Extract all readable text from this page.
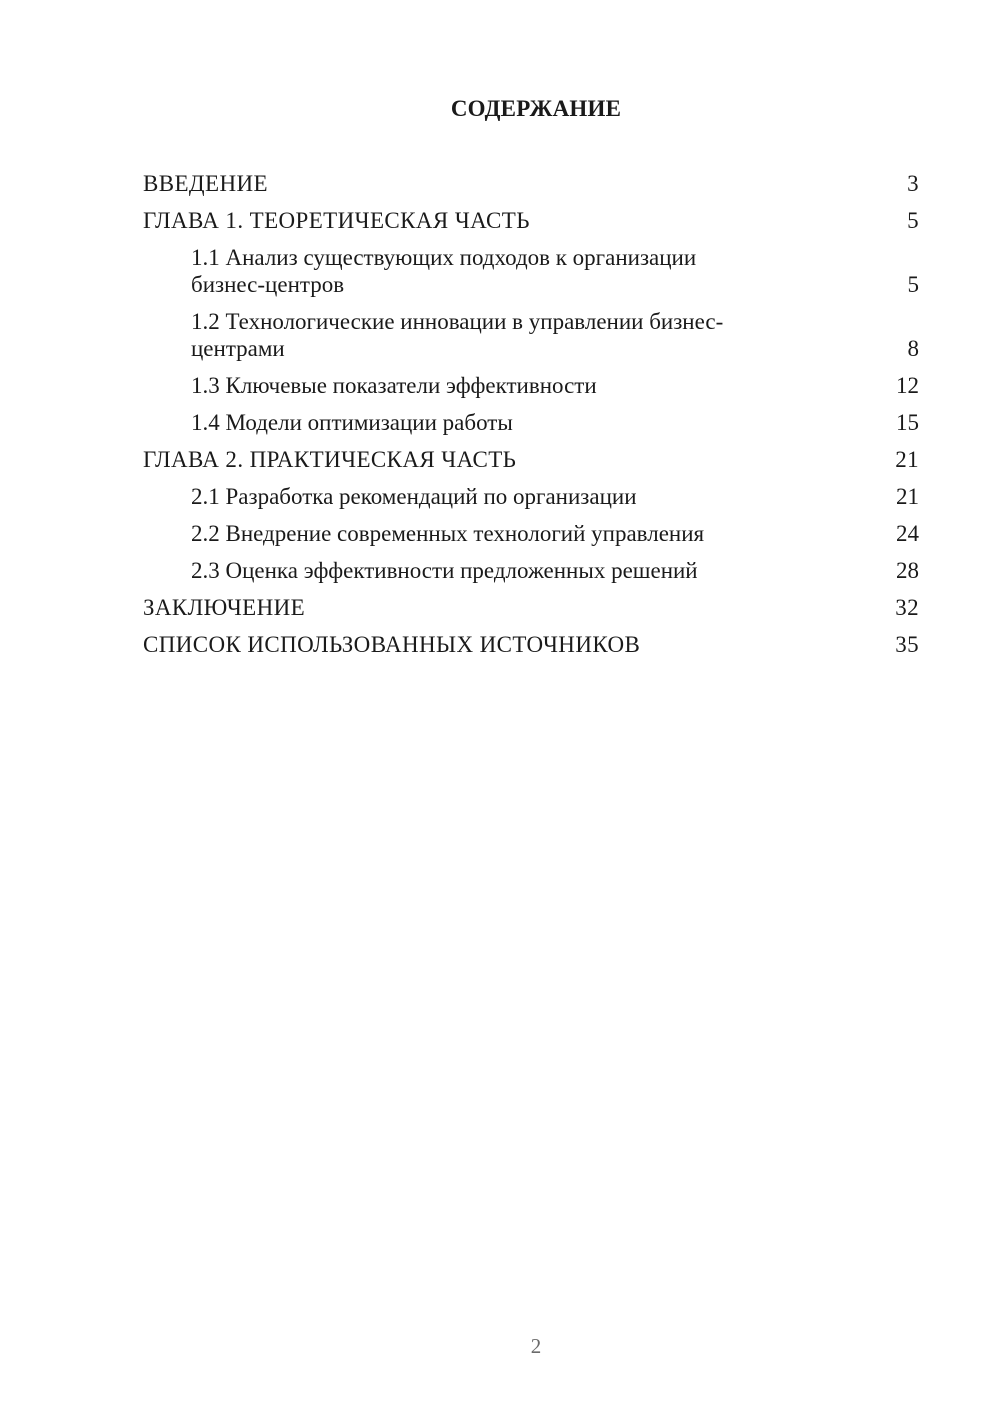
СОДЕРЖАНИЕ
ВВЕДЕНИЕ	3
ГЛАВА 1. ТЕОРЕТИЧЕСКАЯ ЧАСТЬ	5
1.1 Анализ существующих подходов к организации бизнес-центров	5
1.2 Технологические инновации в управлении бизнес-центрами	8
1.3 Ключевые показатели эффективности	12
1.4 Модели оптимизации работы	15
ГЛАВА 2. ПРАКТИЧЕСКАЯ ЧАСТЬ	21
2.1 Разработка рекомендаций по организации	21
2.2 Внедрение современных технологий управления	24
2.3 Оценка эффективности предложенных решений	28
ЗАКЛЮЧЕНИЕ	32
СПИСОК ИСПОЛЬЗОВАННЫХ ИСТОЧНИКОВ	35
2
